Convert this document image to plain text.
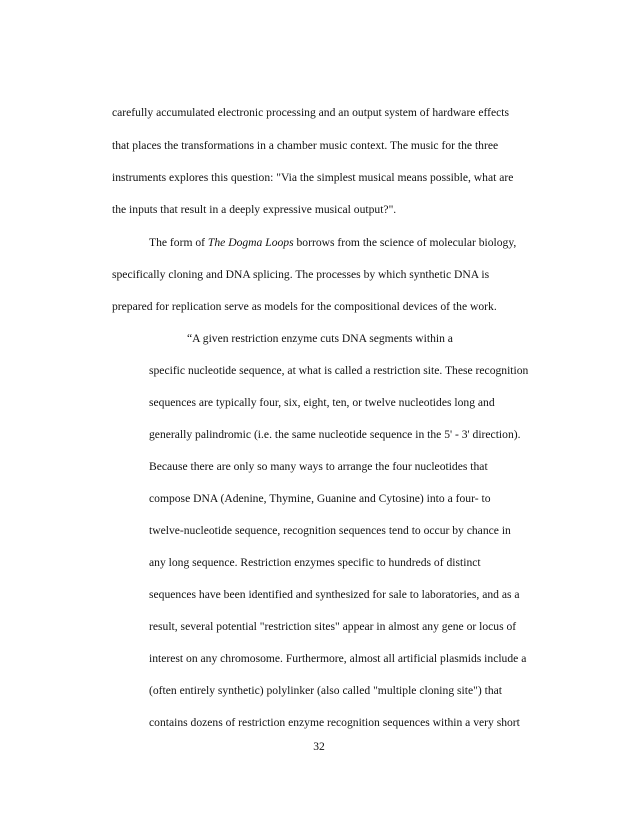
carefully accumulated electronic processing and an output system of hardware effects
that places the transformations in a chamber music context. The music for the three
instruments explores this question: "Via the simplest musical means possible, what are
the inputs that result in a deeply expressive musical output?".
The form of The Dogma Loops borrows from the science of molecular biology,
specifically cloning and DNA splicing. The processes by which synthetic DNA is
prepared for replication serve as models for the compositional devices of the work.
“A given restriction enzyme cuts DNA segments within a
specific nucleotide sequence, at what is called a restriction site. These recognition
sequences are typically four, six, eight, ten, or twelve nucleotides long and
generally palindromic (i.e. the same nucleotide sequence in the 5' - 3' direction).
Because there are only so many ways to arrange the four nucleotides that
compose DNA (Adenine, Thymine, Guanine and Cytosine) into a four- to
twelve-nucleotide sequence, recognition sequences tend to occur by chance in
any long sequence. Restriction enzymes specific to hundreds of distinct
sequences have been identified and synthesized for sale to laboratories, and as a
result, several potential "restriction sites" appear in almost any gene or locus of
interest on any chromosome. Furthermore, almost all artificial plasmids include a
(often entirely synthetic) polylinker (also called "multiple cloning site") that
contains dozens of restriction enzyme recognition sequences within a very short
32
